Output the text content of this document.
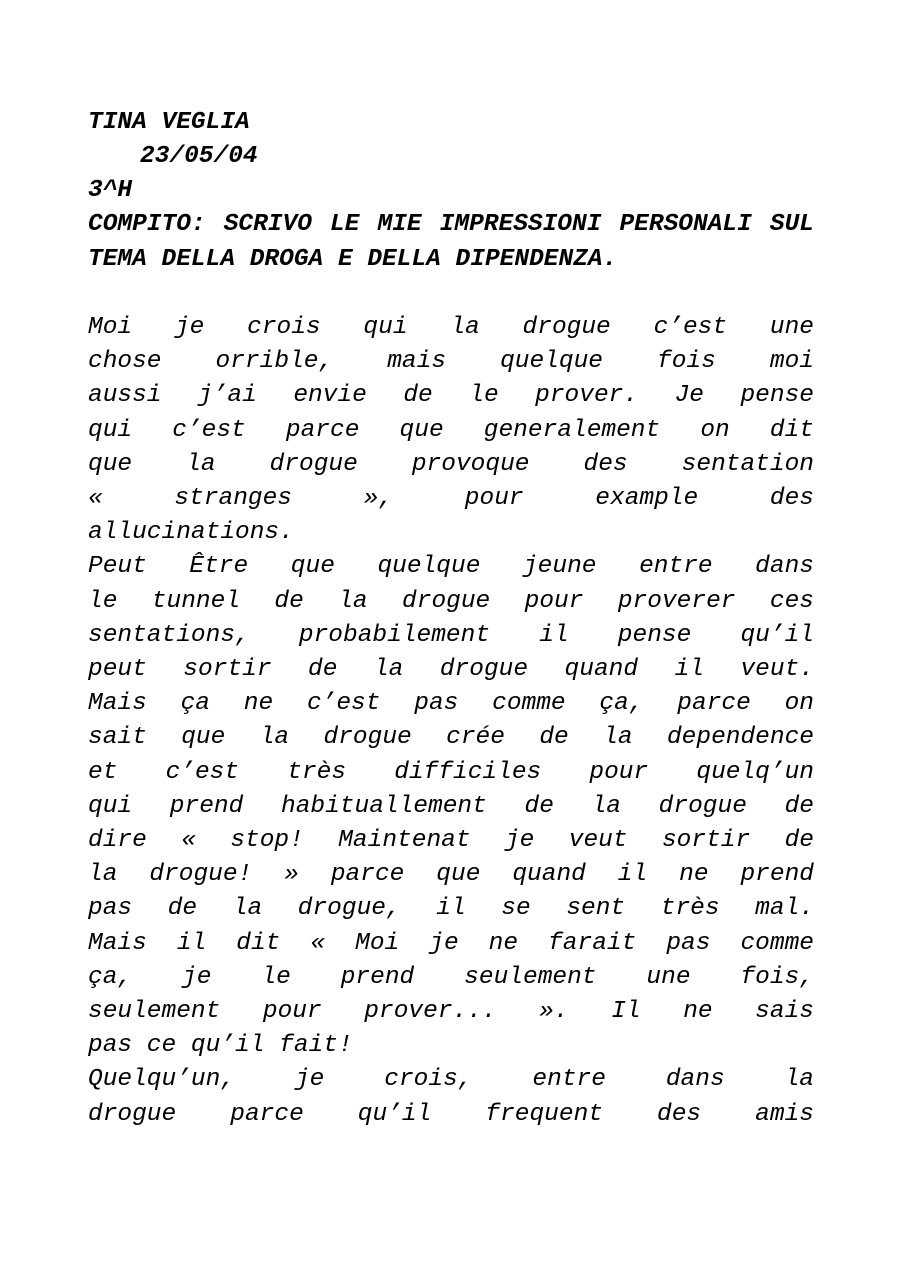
TINA VEGLIA

23/05/04

3^H

COMPITO: SCRIVO LE MIE IMPRESSIONI PERSONALI SUL TEMA DELLA DROGA E DELLA DIPENDENZA.

Moi je crois qui la drogue c’est une
chose orrible, mais quelque fois moi
aussi j’ai envie de le prover. Je pense
qui c’est parce que generalement on dit
que la drogue provoque des sentation
« stranges », pour example des
allucinations.
Peut Être que quelque jeune entre dans
le tunnel de la drogue pour proverer ces
sentations, probabilement il pense qu’il
peut sortir de la drogue quand il veut.
Mais ça ne c’est pas comme ça, parce on
sait que la drogue crée de la dependence
et c’est très difficiles pour quelq’un
qui prend habituallement de la drogue de
dire « stop! Maintenat je veut sortir de
la drogue! » parce que quand il ne prend
pas de la drogue, il se sent très mal.
Mais il dit « Moi je ne farait pas comme
ça, je le prend seulement une fois,
seulement pour prover... ». Il ne sais
pas ce qu’il fait!
Quelqu’un, je crois, entre dans la
drogue parce qu’il frequent des amis
